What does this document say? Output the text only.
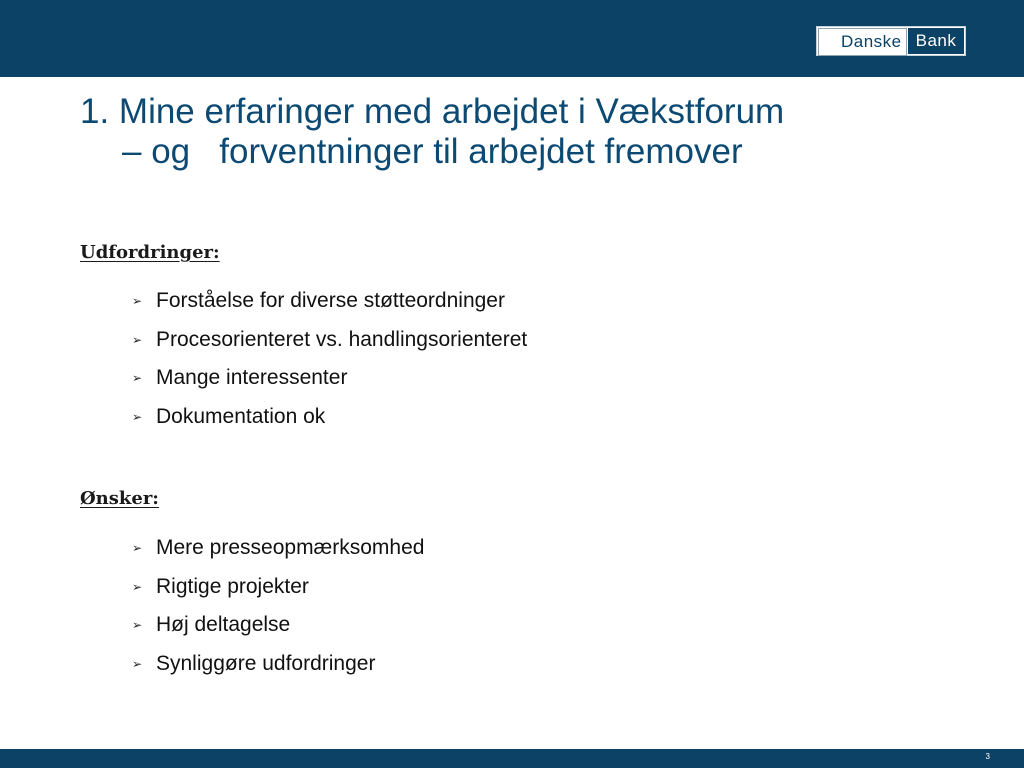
Danske Bank
1. Mine erfaringer med arbejdet i Vækstforum
– og   forventninger til arbejdet fremover
Udfordringer:
➢ Forståelse for diverse støtteordninger
➢ Procesorienteret vs. handlingsorienteret
➢ Mange interessenter
➢ Dokumentation ok
Ønsker:
➢ Mere presseopmærksomhed
➢ Rigtige projekter
➢ Høj deltagelse
➢ Synliggøre udfordringer
3
